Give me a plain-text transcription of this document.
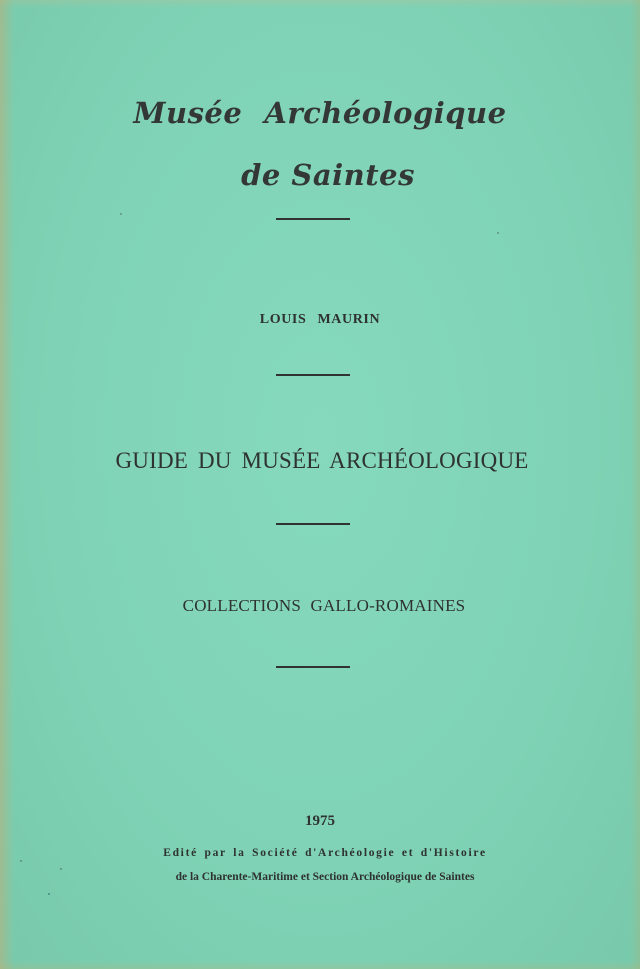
Musée Archéologique
de Saintes
LOUIS MAURIN
GUIDE DU MUSÉE ARCHÉOLOGIQUE
COLLECTIONS GALLO-ROMAINES
1975
Edité par la Société d'Archéologie et d'Histoire
de la Charente-Maritime et Section Archéologique de Saintes
